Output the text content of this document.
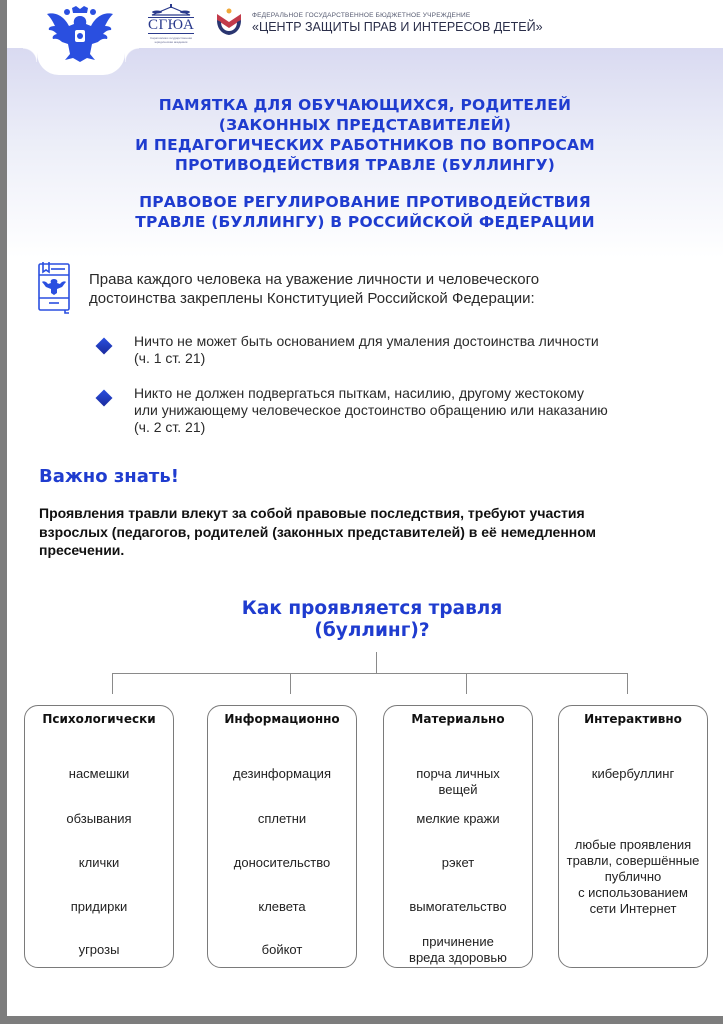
СГЮА
Саратовская государственная юридическая академия
ФЕДЕРАЛЬНОЕ ГОСУДАРСТВЕННОЕ БЮДЖЕТНОЕ УЧРЕЖДЕНИЕ
«ЦЕНТР ЗАЩИТЫ ПРАВ И ИНТЕРЕСОВ ДЕТЕЙ»
ПАМЯТКА ДЛЯ ОБУЧАЮЩИХСЯ, РОДИТЕЛЕЙ
(ЗАКОННЫХ ПРЕДСТАВИТЕЛЕЙ)
И ПЕДАГОГИЧЕСКИХ РАБОТНИКОВ ПО ВОПРОСАМ
ПРОТИВОДЕЙСТВИЯ ТРАВЛЕ (БУЛЛИНГУ)
ПРАВОВОЕ РЕГУЛИРОВАНИЕ ПРОТИВОДЕЙСТВИЯ
ТРАВЛЕ (БУЛЛИНГУ) В РОССИЙСКОЙ ФЕДЕРАЦИИ
Права каждого человека на уважение личности и человеческого
достоинства закреплены Конституцией Российской Федерации:
Ничто не может быть основанием для умаления достоинства личности
(ч. 1 ст. 21)
Никто не должен подвергаться пыткам, насилию, другому жестокому
или унижающему человеческое достоинство обращению или наказанию
(ч. 2 ст. 21)
Важно знать!
Проявления травли влекут за собой правовые последствия, требуют участия
взрослых (педагогов, родителей (законных представителей) в её немедленном
пресечении.
Как проявляется травля
(буллинг)?
Психологически
насмешки
обзывания
клички
придирки
угрозы
Информационно
дезинформация
сплетни
доносительство
клевета
бойкот
Материально
порча личных
вещей
мелкие кражи
рэкет
вымогательство
причинение
вреда здоровью
Интерактивно
кибербуллинг
любые проявления
травли, совершённые
публично
с использованием
сети Интернет
